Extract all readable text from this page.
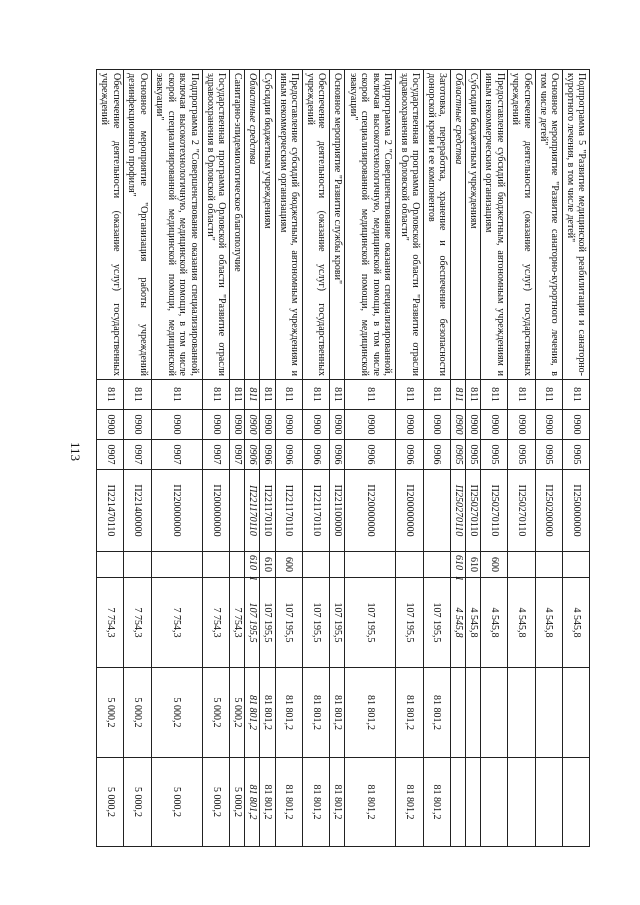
113
Подпрограмма 5 "Развитие медицинской реабилитации и санаторно-курортного лечения, в том числе детей"	811	0900	0905	П250000000		4 545,8		
Основное мероприятие "Развитие санаторно-курортного лечения, в том числе детей"	811	0900	0905	П250200000		4 545,8		
Обеспечение деятельности (оказание услуг) государственных учреждений	811	0900	0905	П250270110		4 545,8		
Предоставление субсидий бюджетным, автономным учреждениям и иным некоммерческим организациям	811	0900	0905	П250270110	600	4 545,8		
Субсидии бюджетным учреждениям	811	0900	0905	П250270110	610	4 545,8		
Областные средства	811	0900	0905	П250270110	6101	4 545,8		
Заготовка, переработка, хранение и обеспечение безопасности донорской крови и ее компонентов	811	0900	0906			107 195,5	81 801,2	81 801,2
Государственная программа Орловской области "Развитие отрасли здравоохранения в Орловской области"	811	0900	0906	П200000000		107 195,5	81 801,2	81 801,2
Подпрограмма 2 "Совершенствование оказания специализированной, включая высокотехнологичную, медицинской помощи, в том числе скорой специализированной медицинской помощи, медицинской эвакуации"	811	0900	0906	П220000000		107 195,5	81 801,2	81 801,2
Основное мероприятие "Развитие службы крови"	811	0900	0906	П221100000		107 195,5	81 801,2	81 801,2
Обеспечение деятельности (оказание услуг) государственных учреждений	811	0900	0906	П221170110		107 195,5	81 801,2	81 801,2
Предоставление субсидий бюджетным, автономным учреждениям и иным некоммерческим организациям	811	0900	0906	П221170110	600	107 195,5	81 801,2	81 801,2
Субсидии бюджетным учреждениям	811	0900	0906	П221170110	610	107 195,5	81 801,2	81 801,2
Областные средства	811	0900	0906	П221170110	6101	107 195,5	81 801,2	81 801,2
Санитарно-эпидемиологическое благополучие	811	0900	0907			7 754,3	5 000,2	5 000,2
Государственная программа Орловской области "Развитие отрасли здравоохранения в Орловской области"	811	0900	0907	П200000000		7 754,3	5 000,2	5 000,2
Подпрограмма 2 "Совершенствование оказания специализированной, включая высокотехнологичную, медицинской помощи, в том числе скорой специализированной медицинской помощи, медицинской эвакуации"	811	0900	0907	П220000000		7 754,3	5 000,2	5 000,2
Основное мероприятие "Организация работы учреждений дезинфекционного профиля"	811	0900	0907	П221400000		7 754,3	5 000,2	5 000,2
Обеспечение деятельности (оказание услуг) государственных учреждений	811	0900	0907	П221470110		7 754,3	5 000,2	5 000,2
